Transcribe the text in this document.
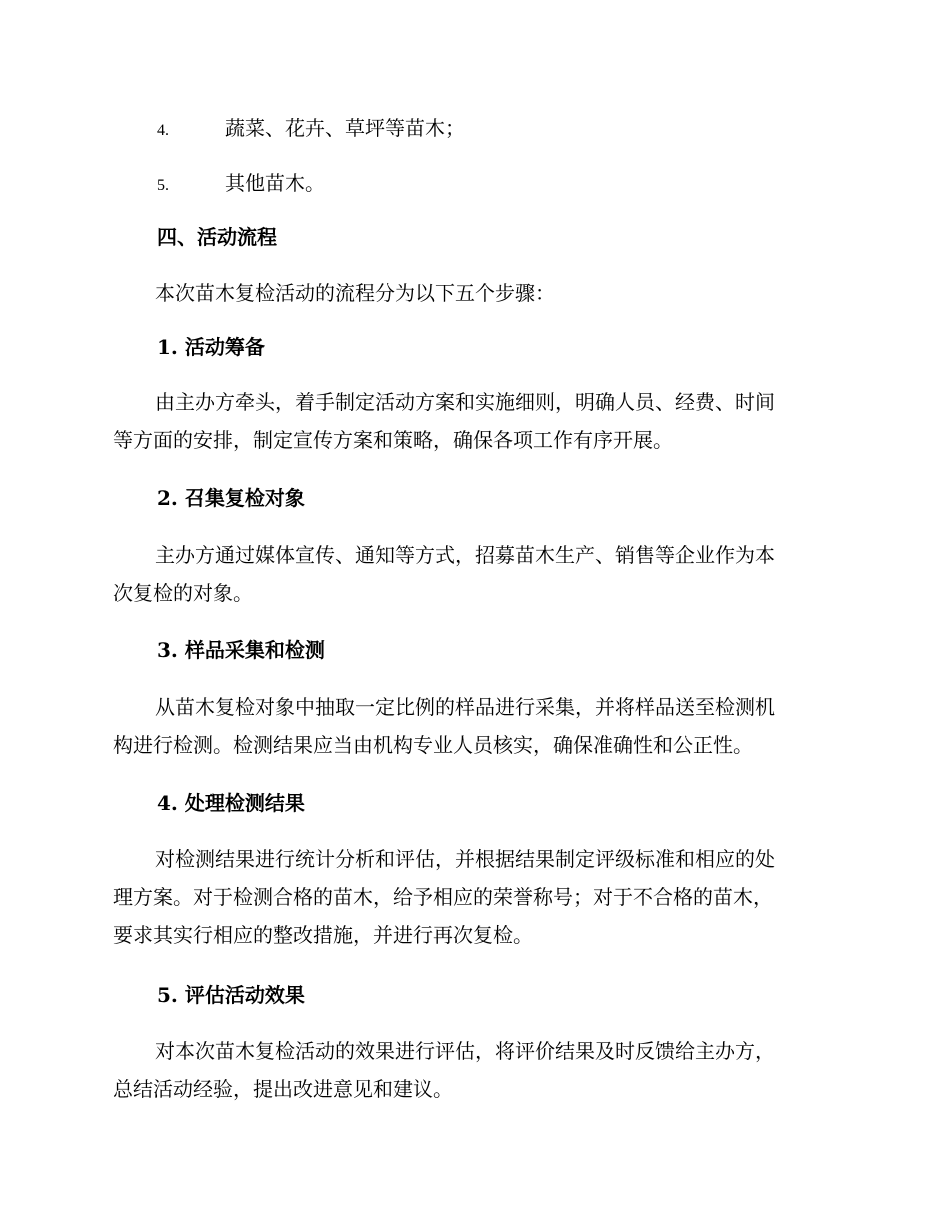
4.	蔬菜、花卉、草坪等苗木；
5.	其他苗木。
四、活动流程
本次苗木复检活动的流程分为以下五个步骤：
1. 活动筹备
由主办方牵头，着手制定活动方案和实施细则，明确人员、经费、时间
等方面的安排，制定宣传方案和策略，确保各项工作有序开展。
2. 召集复检对象
主办方通过媒体宣传、通知等方式，招募苗木生产、销售等企业作为本
次复检的对象。
3. 样品采集和检测
从苗木复检对象中抽取一定比例的样品进行采集，并将样品送至检测机
构进行检测。检测结果应当由机构专业人员核实，确保准确性和公正性。
4. 处理检测结果
对检测结果进行统计分析和评估，并根据结果制定评级标准和相应的处
理方案。对于检测合格的苗木，给予相应的荣誉称号；对于不合格的苗木，
要求其实行相应的整改措施，并进行再次复检。
5. 评估活动效果
对本次苗木复检活动的效果进行评估，将评价结果及时反馈给主办方，
总结活动经验，提出改进意见和建议。
